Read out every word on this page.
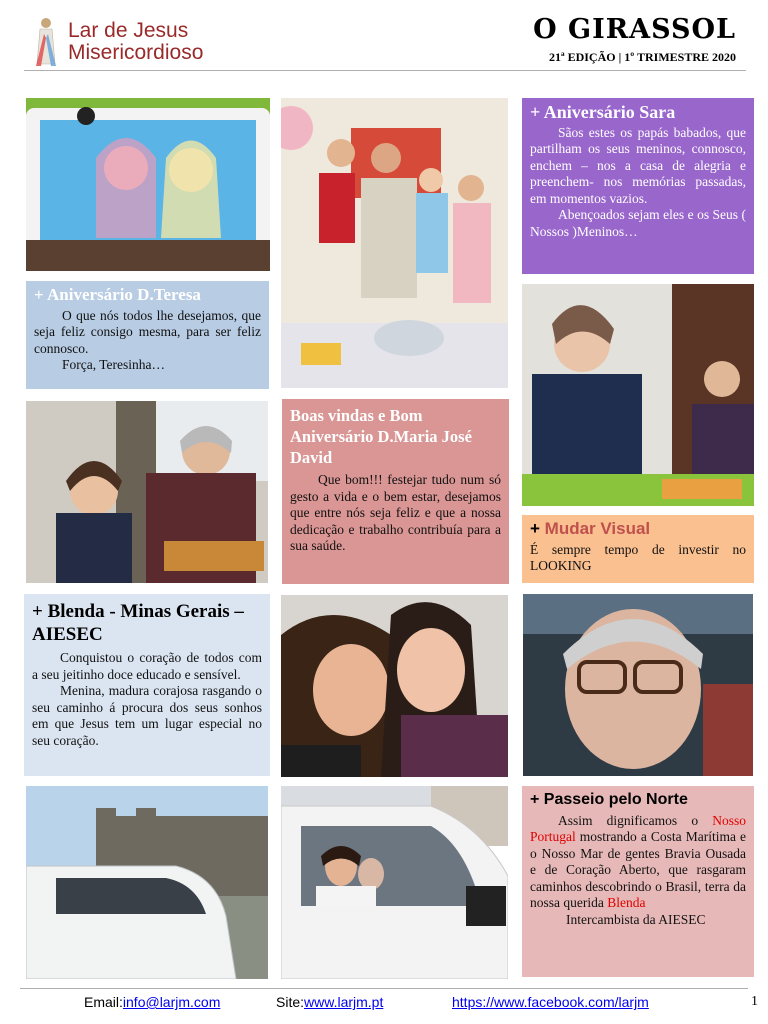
Lar de Jesus
Misericordioso
O GIRASSOL
21ª EDIÇÃO | 1º TRIMESTRE 2020
+ Aniversário Sara

Sãos estes os papás babados, que partilham os seus meninos, connosco, enchem – nos a casa de alegria e preenchem- nos memórias passadas, em momentos vazios.

Abençoados sejam eles e os Seus ( Nossos )Meninos…

+ Aniversário D.Teresa

O que nós todos lhe desejamos, que seja feliz consigo mesma, para ser feliz connosco.

Força, Teresinha…

Boas vindas e Bom Aniversário D.Maria José David

Que bom!!! festejar tudo num só gesto a vida e o bem estar, desejamos que entre nós seja feliz e que a nossa dedicação e trabalho contribuía para a sua saúde.

+ Mudar Visual

É sempre tempo de investir no LOOKING

+ Blenda - Minas Gerais – AIESEC

Conquistou o coração de todos com a seu jeitinho doce educado e sensível.

Menina, madura corajosa rasgando o seu caminho á procura dos seus sonhos em que Jesus tem um lugar especial no seu coração.

+ Passeio pelo Norte

Assim dignificamos o Nosso Portugal mostrando a Costa Marítima e o Nosso Mar de gentes Bravia Ousada e de Coração Aberto, que rasgaram caminhos descobrindo o Brasil, terra da nossa querida Blenda

Intercambista da AIESEC

Email:info@larjm.com	Site:www.larjm.pt	https://www.facebook.com/larjm	1
